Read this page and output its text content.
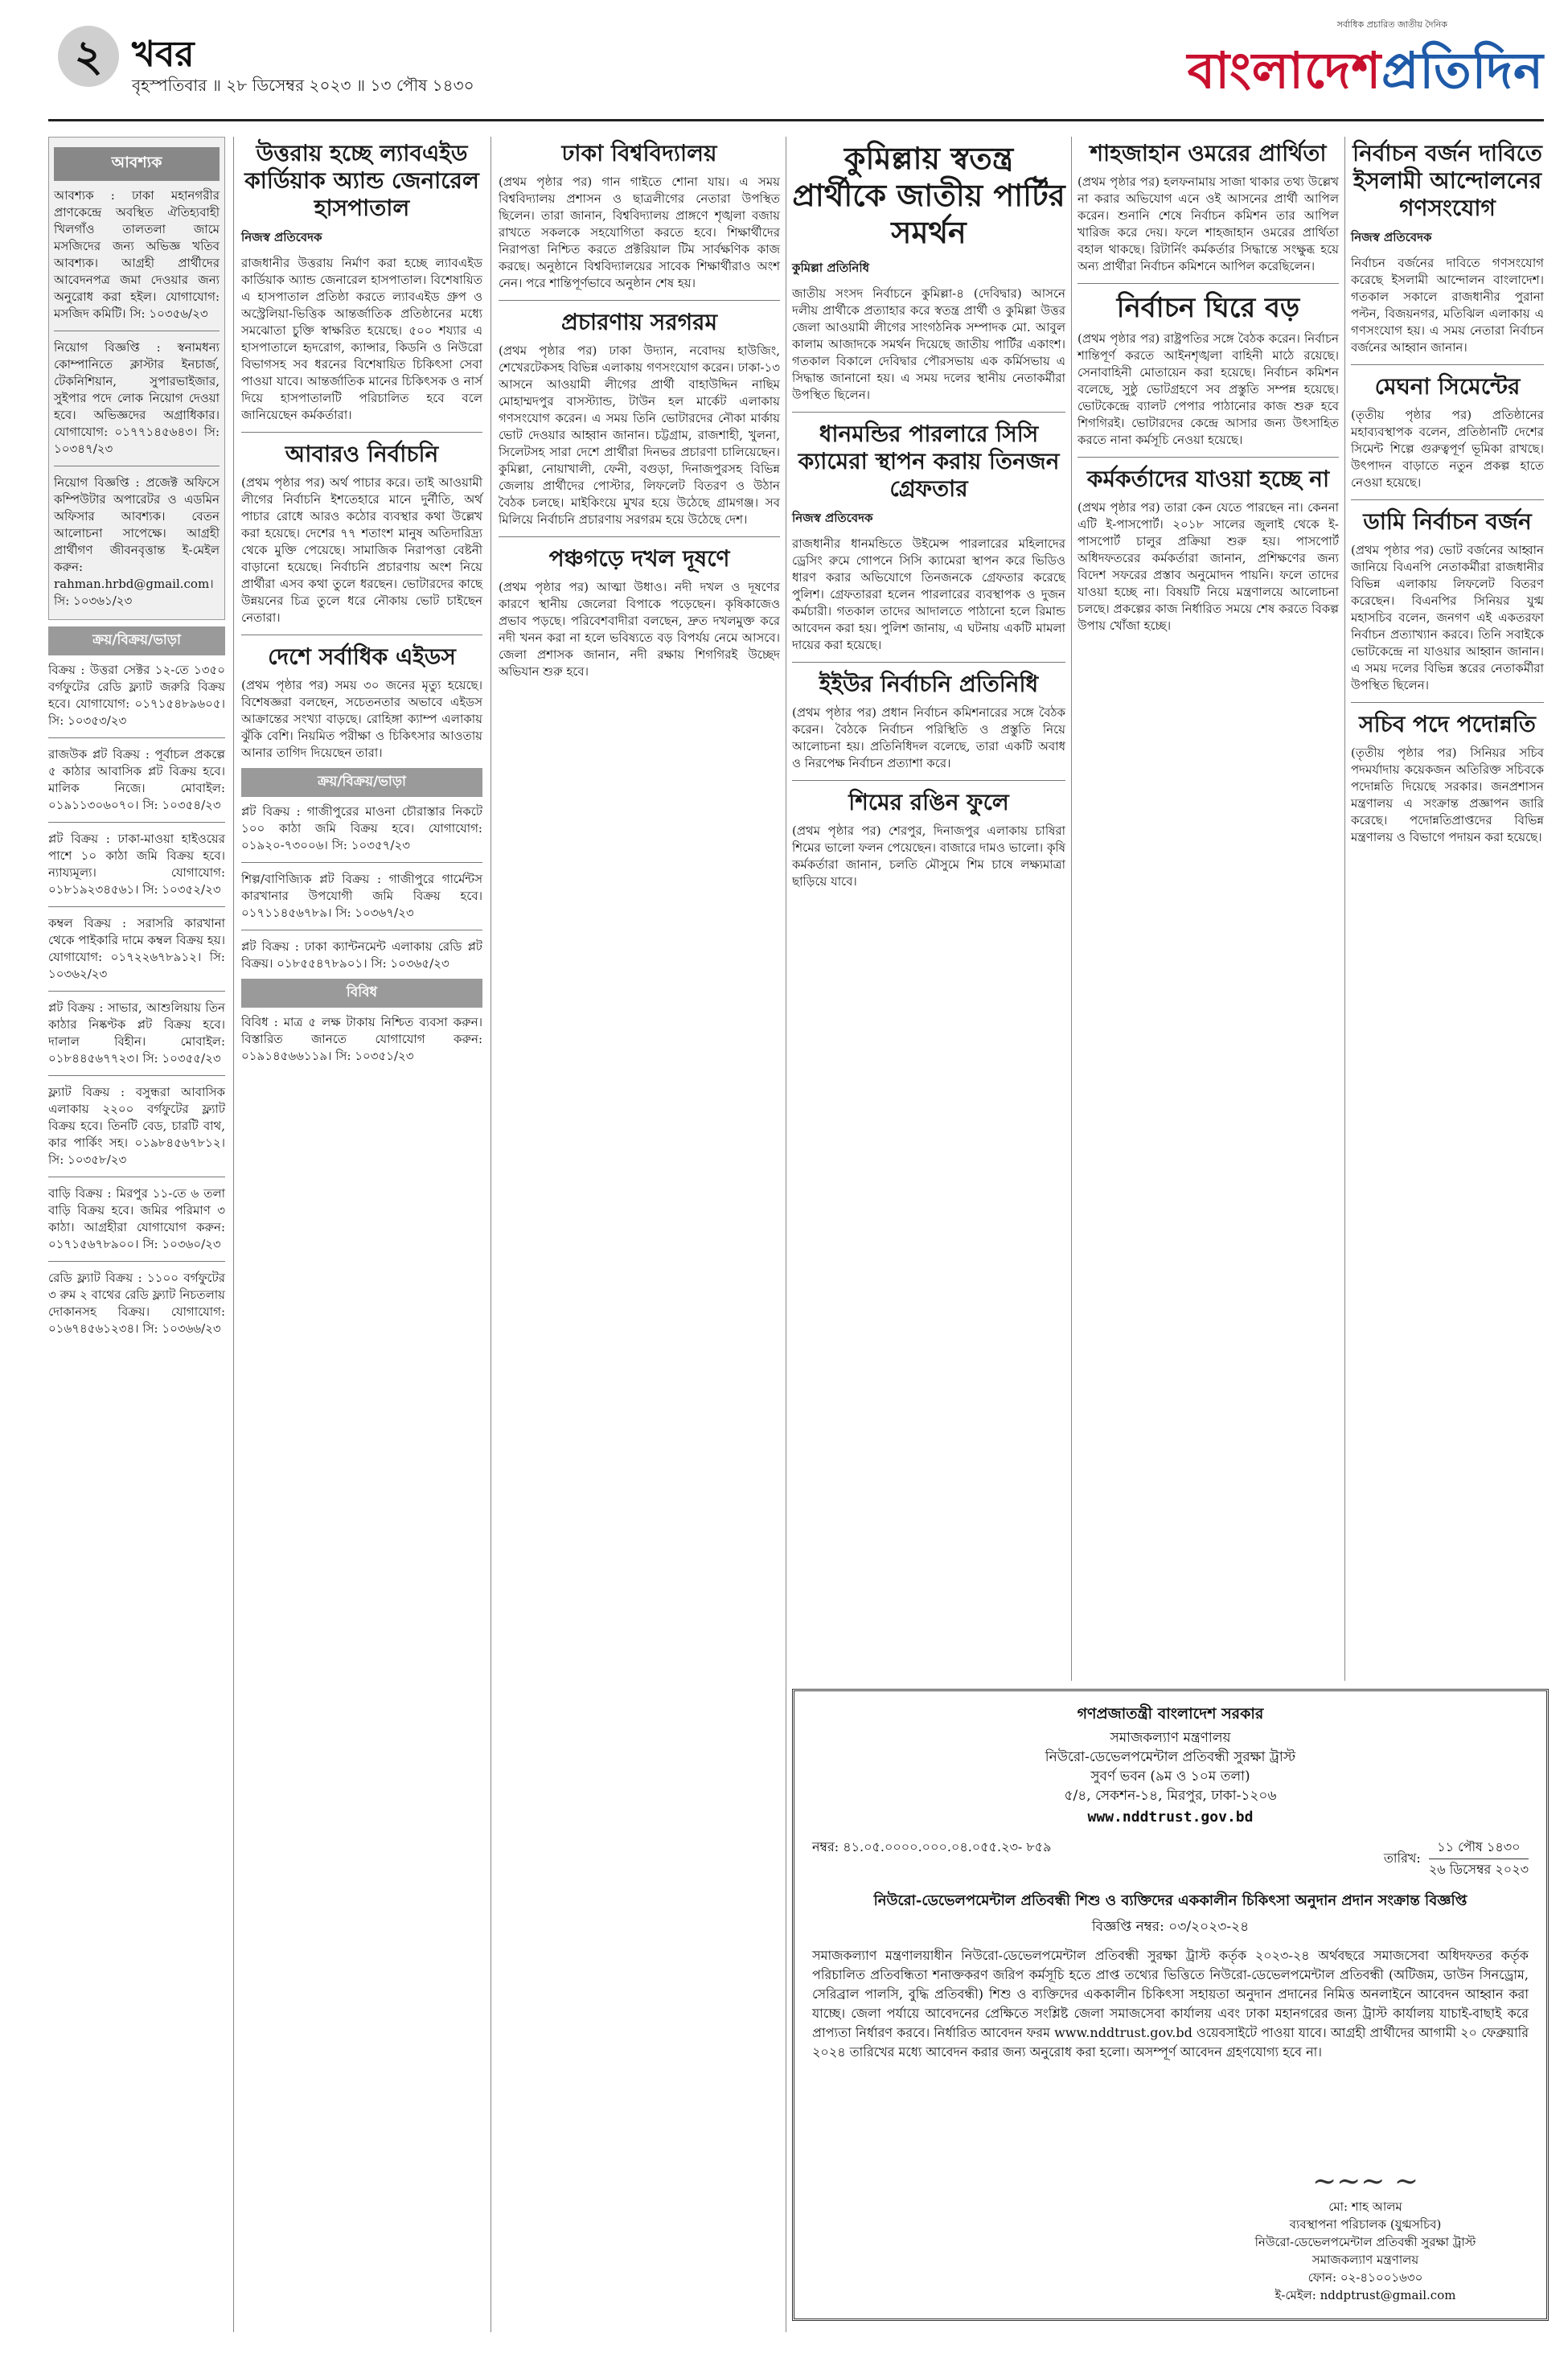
২ খবর
বৃহস্পতিবার ॥ ২৮ ডিসেম্বর ২০২৩ ॥ ১৩ পৌষ ১৪৩০
সর্বাধিক প্রচারিত জাতীয় দৈনিক
বাংলাদেশপ্রতিদিন
আবশ্যক

আবশ্যক : ঢাকা মহানগরীর প্রাণকেন্দ্রে অবস্থিত ঐতিহ্যবাহী খিলগাঁও তালতলা জামে মসজিদের জন্য অভিজ্ঞ খতিব আবশ্যক। আগ্রহী প্রার্থীদের আবেদনপত্র জমা দেওয়ার জন্য অনুরোধ করা হইল। যোগাযোগ: মসজিদ কমিটি। সি: ১০৩৫৬/২৩

নিয়োগ বিজ্ঞপ্তি : স্বনামধন্য কোম্পানিতে ক্লাস্টার ইনচার্জ, টেকনিশিয়ান, সুপারভাইজার, সুইপার পদে লোক নিয়োগ দেওয়া হবে। অভিজ্ঞদের অগ্রাধিকার। যোগাযোগ: ০১৭৭১৪৫৬৪৩। সি: ১০৩৪৭/২৩

নিয়োগ বিজ্ঞপ্তি : প্রজেক্ট অফিসে কম্পিউটার অপারেটর ও এডমিন অফিসার আবশ্যক। বেতন আলোচনা সাপেক্ষে। আগ্রহী প্রার্থীগণ জীবনবৃত্তান্ত ই-মেইল করুন: rahman.hrbd@gmail.com। সি: ১০৩৬১/২৩

ক্রয়/বিক্রয়/ভাড়া

বিক্রয় : উত্তরা সেক্টর ১২-তে ১৩৫০ বর্গফুটের রেডি ফ্ল্যাট জরুরি বিক্রয় হবে। যোগাযোগ: ০১৭১৫৪৮৯৬০৫। সি: ১০৩৫৩/২৩

রাজউক প্লট বিক্রয় : পূর্বাচল প্রকল্পে ৫ কাঠার আবাসিক প্লট বিক্রয় হবে। মালিক নিজে। মোবাইল: ০১৯১১৩০৬০৭০। সি: ১০৩৫৪/২৩

প্লট বিক্রয় : ঢাকা-মাওয়া হাইওয়ের পাশে ১০ কাঠা জমি বিক্রয় হবে। ন্যায্যমূল্য। যোগাযোগ: ০১৮১৯২৩৪৫৬১। সি: ১০৩৫২/২৩

কম্বল বিক্রয় : সরাসরি কারখানা থেকে পাইকারি দামে কম্বল বিক্রয় হয়। যোগাযোগ: ০১৭২২৬৭৮৯১২। সি: ১০৩৬২/২৩

প্লট বিক্রয় : সাভার, আশুলিয়ায় তিন কাঠার নিষ্কণ্টক প্লট বিক্রয় হবে। দালাল বিহীন। মোবাইল: ০১৮৪৪৫৬৭৭২৩। সি: ১০৩৫৫/২৩

ফ্ল্যাট বিক্রয় : বসুন্ধরা আবাসিক এলাকায় ২২০০ বর্গফুটের ফ্ল্যাট বিক্রয় হবে। তিনটি বেড, চারটি বাথ, কার পার্কিং সহ। ০১৯৮৪৫৬৭৮১২। সি: ১০৩৫৮/২৩

বাড়ি বিক্রয় : মিরপুর ১১-তে ৬ তলা বাড়ি বিক্রয় হবে। জমির পরিমাণ ৩ কাঠা। আগ্রহীরা যোগাযোগ করুন: ০১৭১৫৬৭৮৯০০। সি: ১০৩৬০/২৩

রেডি ফ্ল্যাট বিক্রয় : ১১০০ বর্গফুটের ৩ রুম ২ বাথের রেডি ফ্ল্যাট নিচতলায় দোকানসহ বিক্রয়। যোগাযোগ: ০১৬৭৪৫৬১২৩৪। সি: ১০৩৬৬/২৩

উত্তরায় হচ্ছে ল্যাবএইড কার্ডিয়াক অ্যান্ড জেনারেল হাসপাতাল
নিজস্ব প্রতিবেদক

রাজধানীর উত্তরায় নির্মাণ করা হচ্ছে ল্যাবএইড কার্ডিয়াক অ্যান্ড জেনারেল হাসপাতাল। বিশেষায়িত এ হাসপাতাল প্রতিষ্ঠা করতে ল্যাবএইড গ্রুপ ও অস্ট্রেলিয়া-ভিত্তিক আন্তর্জাতিক প্রতিষ্ঠানের মধ্যে সমঝোতা চুক্তি স্বাক্ষরিত হয়েছে। ৫০০ শয্যার এ হাসপাতালে হৃদরোগ, ক্যান্সার, কিডনি ও নিউরো বিভাগসহ সব ধরনের বিশেষায়িত চিকিৎসা সেবা পাওয়া যাবে। আন্তর্জাতিক মানের চিকিৎসক ও নার্স দিয়ে হাসপাতালটি পরিচালিত হবে বলে জানিয়েছেন কর্মকর্তারা।

আবারও নির্বাচনি

(প্রথম পৃষ্ঠার পর) অর্থ পাচার করে। তাই আওয়ামী লীগের নির্বাচনি ইশতেহারে মানে দুর্নীতি, অর্থ পাচার রোধে আরও কঠোর ব্যবস্থার কথা উল্লেখ করা হয়েছে। দেশের ৭৭ শতাংশ মানুষ অতিদারিদ্র্য থেকে মুক্তি পেয়েছে। সামাজিক নিরাপত্তা বেষ্টনী বাড়ানো হয়েছে। নির্বাচনি প্রচারণায় অংশ নিয়ে প্রার্থীরা এসব কথা তুলে ধরছেন। ভোটারদের কাছে উন্নয়নের চিত্র তুলে ধরে নৌকায় ভোট চাইছেন নেতারা।

দেশে সর্বাধিক এইডস

(প্রথম পৃষ্ঠার পর) সময় ৩০ জনের মৃত্যু হয়েছে। বিশেষজ্ঞরা বলছেন, সচেতনতার অভাবে এইডস আক্রান্তের সংখ্যা বাড়ছে। রোহিঙ্গা ক্যাম্প এলাকায় ঝুঁকি বেশি। নিয়মিত পরীক্ষা ও চিকিৎসার আওতায় আনার তাগিদ দিয়েছেন তারা।

ক্রয়/বিক্রয়/ভাড়া

প্লট বিক্রয় : গাজীপুরের মাওনা চৌরাস্তার নিকটে ১০০ কাঠা জমি বিক্রয় হবে। যোগাযোগ: ০১৯২০-৭৩০০৬। সি: ১০৩৫৭/২৩

শিল্প/বাণিজ্যিক প্লট বিক্রয় : গাজীপুরে গার্মেন্টস কারখানার উপযোগী জমি বিক্রয় হবে। ০১৭১১৪৫৬৭৮৯। সি: ১০৩৬৭/২৩

প্লট বিক্রয় : ঢাকা ক্যান্টনমেন্ট এলাকায় রেডি প্লট বিক্রয়। ০১৮৫৫৪৭৮৯০১। সি: ১০৩৬৫/২৩

বিবিধ

বিবিধ : মাত্র ৫ লক্ষ টাকায় নিশ্চিত ব্যবসা করুন। বিস্তারিত জানতে যোগাযোগ করুন: ০১৯১৪৫৬৬১১৯। সি: ১০৩৫১/২৩

ঢাকা বিশ্ববিদ্যালয়

(প্রথম পৃষ্ঠার পর) গান গাইতে শোনা যায়। এ সময় বিশ্ববিদ্যালয় প্রশাসন ও ছাত্রলীগের নেতারা উপস্থিত ছিলেন। তারা জানান, বিশ্ববিদ্যালয় প্রাঙ্গণে শৃঙ্খলা বজায় রাখতে সকলকে সহযোগিতা করতে হবে। শিক্ষার্থীদের নিরাপত্তা নিশ্চিত করতে প্রক্টরিয়াল টিম সার্বক্ষণিক কাজ করছে। অনুষ্ঠানে বিশ্ববিদ্যালয়ের সাবেক শিক্ষার্থীরাও অংশ নেন। পরে শান্তিপূর্ণভাবে অনুষ্ঠান শেষ হয়।

প্রচারণায় সরগরম

(প্রথম পৃষ্ঠার পর) ঢাকা উদ্যান, নবোদয় হাউজিং, শেখেরটেকসহ বিভিন্ন এলাকায় গণসংযোগ করেন। ঢাকা-১৩ আসনে আওয়ামী লীগের প্রার্থী বাহাউদ্দিন নাছিম মোহাম্মদপুর বাসস্ট্যান্ড, টাউন হল মার্কেট এলাকায় গণসংযোগ করেন। এ সময় তিনি ভোটারদের নৌকা মার্কায় ভোট দেওয়ার আহ্বান জানান। চট্টগ্রাম, রাজশাহী, খুলনা, সিলেটসহ সারা দেশে প্রার্থীরা দিনভর প্রচারণা চালিয়েছেন। কুমিল্লা, নোয়াখালী, ফেনী, বগুড়া, দিনাজপুরসহ বিভিন্ন জেলায় প্রার্থীদের পোস্টার, লিফলেট বিতরণ ও উঠান বৈঠক চলছে। মাইকিংয়ে মুখর হয়ে উঠেছে গ্রামগঞ্জ। সব মিলিয়ে নির্বাচনি প্রচারণায় সরগরম হয়ে উঠেছে দেশ।

পঞ্চগড়ে দখল দূষণে

(প্রথম পৃষ্ঠার পর) আত্মা উধাও। নদী দখল ও দূষণের কারণে স্থানীয় জেলেরা বিপাকে পড়েছেন। কৃষিকাজেও প্রভাব পড়ছে। পরিবেশবাদীরা বলছেন, দ্রুত দখলমুক্ত করে নদী খনন করা না হলে ভবিষ্যতে বড় বিপর্যয় নেমে আসবে। জেলা প্রশাসক জানান, নদী রক্ষায় শিগগিরই উচ্ছেদ অভিযান শুরু হবে।

কুমিল্লায় স্বতন্ত্র প্রার্থীকে জাতীয় পার্টির সমর্থন
কুমিল্লা প্রতিনিধি

জাতীয় সংসদ নির্বাচনে কুমিল্লা-৪ (দেবিদ্বার) আসনে দলীয় প্রার্থীকে প্রত্যাহার করে স্বতন্ত্র প্রার্থী ও কুমিল্লা উত্তর জেলা আওয়ামী লীগের সাংগঠনিক সম্পাদক মো. আবুল কালাম আজাদকে সমর্থন দিয়েছে জাতীয় পার্টির একাংশ। গতকাল বিকালে দেবিদ্বার পৌরসভায় এক কর্মিসভায় এ সিদ্ধান্ত জানানো হয়। এ সময় দলের স্থানীয় নেতাকর্মীরা উপস্থিত ছিলেন।

ধানমন্ডির পারলারে সিসি ক্যামেরা স্থাপন করায় তিনজন গ্রেফতার
নিজস্ব প্রতিবেদক

রাজধানীর ধানমন্ডিতে উইমেন্স পারলারের মহিলাদের ড্রেসিং রুমে গোপনে সিসি ক্যামেরা স্থাপন করে ভিডিও ধারণ করার অভিযোগে তিনজনকে গ্রেফতার করেছে পুলিশ। গ্রেফতাররা হলেন পারলারের ব্যবস্থাপক ও দুজন কর্মচারী। গতকাল তাদের আদালতে পাঠানো হলে রিমান্ড আবেদন করা হয়। পুলিশ জানায়, এ ঘটনায় একটি মামলা দায়ের করা হয়েছে।

ইইউর নির্বাচনি প্রতিনিধি

(প্রথম পৃষ্ঠার পর) প্রধান নির্বাচন কমিশনারের সঙ্গে বৈঠক করেন। বৈঠকে নির্বাচন পরিস্থিতি ও প্রস্তুতি নিয়ে আলোচনা হয়। প্রতিনিধিদল বলেছে, তারা একটি অবাধ ও নিরপেক্ষ নির্বাচন প্রত্যাশা করে।

শিমের রঙিন ফুলে

(প্রথম পৃষ্ঠার পর) শেরপুর, দিনাজপুর এলাকায় চাষিরা শিমের ভালো ফলন পেয়েছেন। বাজারে দামও ভালো। কৃষি কর্মকর্তারা জানান, চলতি মৌসুমে শিম চাষে লক্ষ্যমাত্রা ছাড়িয়ে যাবে।

শাহজাহান ওমরের প্রার্থিতা

(প্রথম পৃষ্ঠার পর) হলফনামায় সাজা থাকার তথ্য উল্লেখ না করার অভিযোগ এনে ওই আসনের প্রার্থী আপিল করেন। শুনানি শেষে নির্বাচন কমিশন তার আপিল খারিজ করে দেয়। ফলে শাহজাহান ওমরের প্রার্থিতা বহাল থাকছে। রিটার্নিং কর্মকর্তার সিদ্ধান্তে সংক্ষুব্ধ হয়ে অন্য প্রার্থীরা নির্বাচন কমিশনে আপিল করেছিলেন।

নির্বাচন ঘিরে বড়

(প্রথম পৃষ্ঠার পর) রাষ্ট্রপতির সঙ্গে বৈঠক করেন। নির্বাচন শান্তিপূর্ণ করতে আইনশৃঙ্খলা বাহিনী মাঠে রয়েছে। সেনাবাহিনী মোতায়েন করা হয়েছে। নির্বাচন কমিশন বলেছে, সুষ্ঠু ভোটগ্রহণে সব প্রস্তুতি সম্পন্ন হয়েছে। ভোটকেন্দ্রে ব্যালট পেপার পাঠানোর কাজ শুরু হবে শিগগিরই। ভোটারদের কেন্দ্রে আসার জন্য উৎসাহিত করতে নানা কর্মসূচি নেওয়া হয়েছে।

কর্মকর্তাদের যাওয়া হচ্ছে না

(প্রথম পৃষ্ঠার পর) তারা কেন যেতে পারছেন না। কেননা এটি ই-পাসপোর্ট। ২০১৮ সালের জুলাই থেকে ই-পাসপোর্ট চালুর প্রক্রিয়া শুরু হয়। পাসপোর্ট অধিদফতরের কর্মকর্তারা জানান, প্রশিক্ষণের জন্য বিদেশ সফরের প্রস্তাব অনুমোদন পায়নি। ফলে তাদের যাওয়া হচ্ছে না। বিষয়টি নিয়ে মন্ত্রণালয়ে আলোচনা চলছে। প্রকল্পের কাজ নির্ধারিত সময়ে শেষ করতে বিকল্প উপায় খোঁজা হচ্ছে।

নির্বাচন বর্জন দাবিতে ইসলামী আন্দোলনের গণসংযোগ
নিজস্ব প্রতিবেদক

নির্বাচন বর্জনের দাবিতে গণসংযোগ করেছে ইসলামী আন্দোলন বাংলাদেশ। গতকাল সকালে রাজধানীর পুরানা পল্টন, বিজয়নগর, মতিঝিল এলাকায় এ গণসংযোগ হয়। এ সময় নেতারা নির্বাচন বর্জনের আহ্বান জানান।

মেঘনা সিমেন্টের

(তৃতীয় পৃষ্ঠার পর) প্রতিষ্ঠানের মহাব্যবস্থাপক বলেন, প্রতিষ্ঠানটি দেশের সিমেন্ট শিল্পে গুরুত্বপূর্ণ ভূমিকা রাখছে। উৎপাদন বাড়াতে নতুন প্রকল্প হাতে নেওয়া হয়েছে।

ডামি নির্বাচন বর্জন

(প্রথম পৃষ্ঠার পর) ভোট বর্জনের আহ্বান জানিয়ে বিএনপি নেতাকর্মীরা রাজধানীর বিভিন্ন এলাকায় লিফলেট বিতরণ করেছেন। বিএনপির সিনিয়র যুগ্ম মহাসচিব বলেন, জনগণ এই একতরফা নির্বাচন প্রত্যাখ্যান করবে। তিনি সবাইকে ভোটকেন্দ্রে না যাওয়ার আহ্বান জানান। এ সময় দলের বিভিন্ন স্তরের নেতাকর্মীরা উপস্থিত ছিলেন।

সচিব পদে পদোন্নতি

(তৃতীয় পৃষ্ঠার পর) সিনিয়র সচিব পদমর্যাদায় কয়েকজন অতিরিক্ত সচিবকে পদোন্নতি দিয়েছে সরকার। জনপ্রশাসন মন্ত্রণালয় এ সংক্রান্ত প্রজ্ঞাপন জারি করেছে। পদোন্নতিপ্রাপ্তদের বিভিন্ন মন্ত্রণালয় ও বিভাগে পদায়ন করা হয়েছে।

গণপ্রজাতন্ত্রী বাংলাদেশ সরকার
সমাজকল্যাণ মন্ত্রণালয়
নিউরো-ডেভেলপমেন্টাল প্রতিবন্ধী সুরক্ষা ট্রাস্ট
সুবর্ণ ভবন (৯ম ও ১০ম তলা)
৫/৪, সেকশন-১৪, মিরপুর, ঢাকা-১২০৬
www.nddtrust.gov.bd
নম্বর: ৪১.০৫.০০০০.০০০.০৪.০৫৫.২৩- ৮৫৯
তারিখ:
১১ পৌষ ১৪৩০
২৬ ডিসেম্বর ২০২৩
নিউরো-ডেভেলপমেন্টাল প্রতিবন্ধী শিশু ও ব্যক্তিদের এককালীন চিকিৎসা অনুদান প্রদান সংক্রান্ত বিজ্ঞপ্তি
বিজ্ঞপ্তি নম্বর: ০৩/২০২৩-২৪
সমাজকল্যাণ মন্ত্রণালয়াধীন নিউরো-ডেভেলপমেন্টাল প্রতিবন্ধী সুরক্ষা ট্রাস্ট কর্তৃক ২০২৩-২৪ অর্থবছরে সমাজসেবা অধিদফতর কর্তৃক পরিচালিত প্রতিবন্ধিতা শনাক্তকরণ জরিপ কর্মসূচি হতে প্রাপ্ত তথ্যের ভিত্তিতে নিউরো-ডেভেলপমেন্টাল প্রতিবন্ধী (অটিজম, ডাউন সিনড্রোম, সেরিব্রাল পালসি, বুদ্ধি প্রতিবন্ধী) শিশু ও ব্যক্তিদের এককালীন চিকিৎসা সহায়তা অনুদান প্রদানের নিমিত্ত অনলাইনে আবেদন আহ্বান করা যাচ্ছে। জেলা পর্যায়ে আবেদনের প্রেক্ষিতে সংশ্লিষ্ট জেলা সমাজসেবা কার্যালয় এবং ঢাকা মহানগরের জন্য ট্রাস্ট কার্যালয় যাচাই-বাছাই করে প্রাপ্যতা নির্ধারণ করবে। নির্ধারিত আবেদন ফরম www.nddtrust.gov.bd ওয়েবসাইটে পাওয়া যাবে। আগ্রহী প্রার্থীদের আগামী ২০ ফেব্রুয়ারি ২০২৪ তারিখের মধ্যে আবেদন করার জন্য অনুরোধ করা হলো। অসম্পূর্ণ আবেদন গ্রহণযোগ্য হবে না।
~~~ ~
মো: শাহ আলম
ব্যবস্থাপনা পরিচালক (যুগ্মসচিব)
নিউরো-ডেভেলপমেন্টাল প্রতিবন্ধী সুরক্ষা ট্রাস্ট
সমাজকল্যাণ মন্ত্রণালয়
ফোন: ০২-৪১০০১৬৩০
ই-মেইল: nddptrust@gmail.com
